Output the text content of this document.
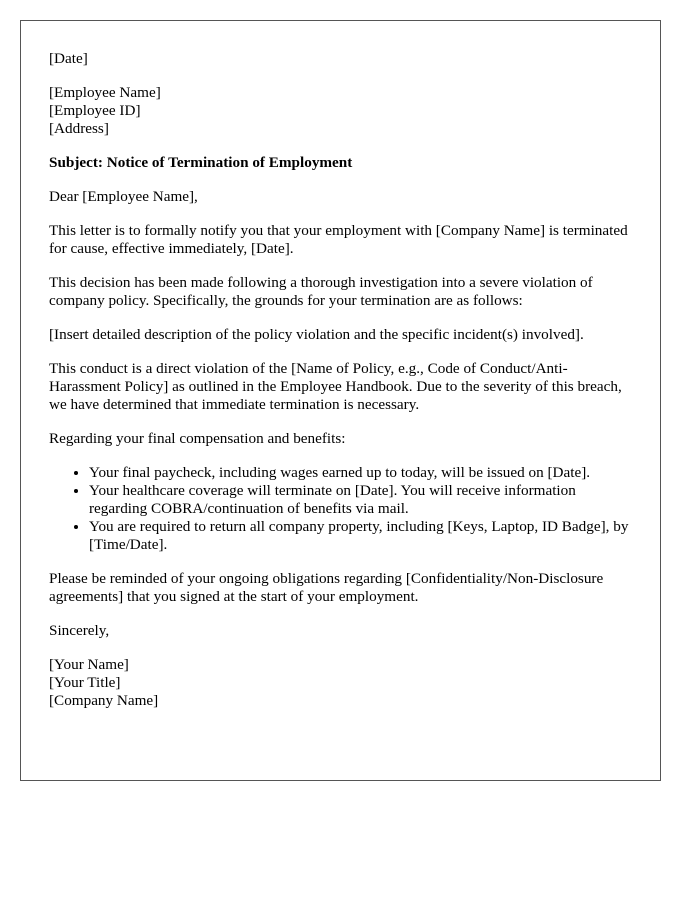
[Date]

[Employee Name]
[Employee ID]
[Address]

Subject: Notice of Termination of Employment

Dear [Employee Name],

This letter is to formally notify you that your employment with [Company Name] is terminated for cause, effective immediately, [Date].

This decision has been made following a thorough investigation into a severe violation of company policy. Specifically, the grounds for your termination are as follows:

[Insert detailed description of the policy violation and the specific incident(s) involved].

This conduct is a direct violation of the [Name of Policy, e.g., Code of Conduct/Anti-Harassment Policy] as outlined in the Employee Handbook. Due to the severity of this breach, we have determined that immediate termination is necessary.

Regarding your final compensation and benefits:

• Your final paycheck, including wages earned up to today, will be issued on [Date].
• Your healthcare coverage will terminate on [Date]. You will receive information regarding COBRA/continuation of benefits via mail.
• You are required to return all company property, including [Keys, Laptop, ID Badge], by [Time/Date].

Please be reminded of your ongoing obligations regarding [Confidentiality/Non-Disclosure agreements] that you signed at the start of your employment.

Sincerely,

[Your Name]
[Your Title]
[Company Name]
